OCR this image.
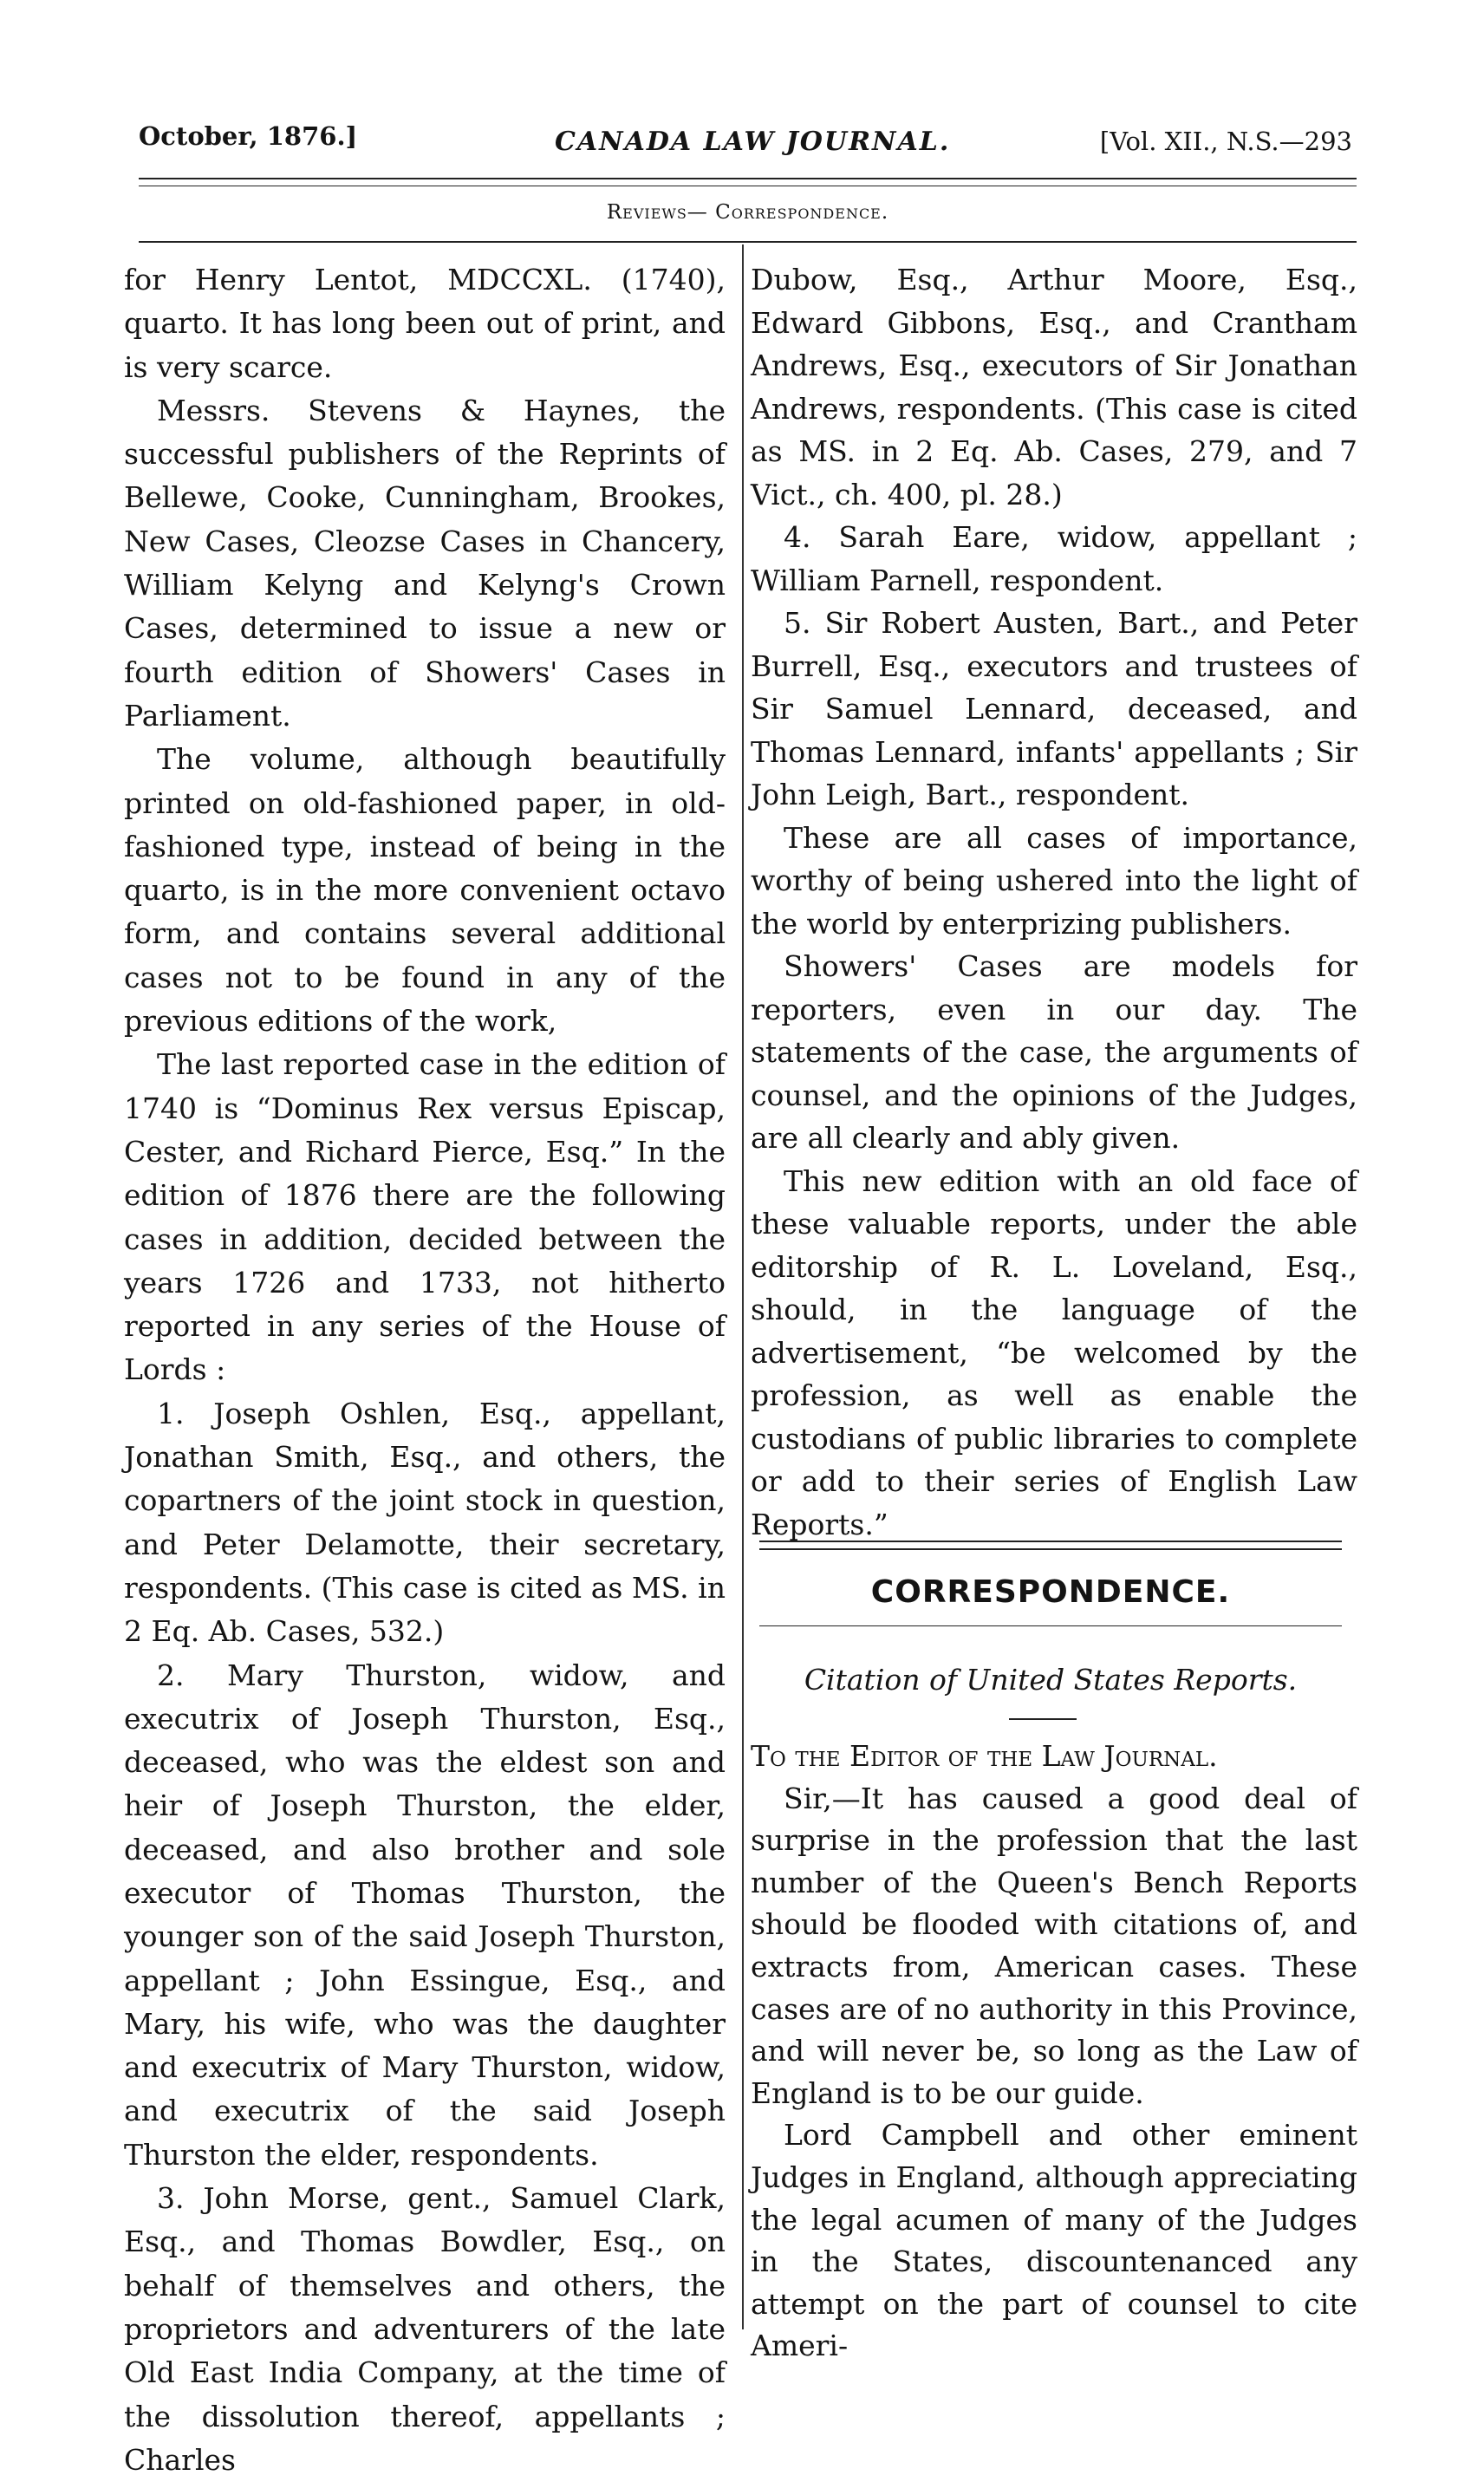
October, 1876.]	CANADA LAW JOURNAL.	[Vol. XII., N.S.—293
Reviews— Correspondence.

for Henry Lentot, MDCCXL. (1740), quarto. It has long been out of print, and is very scarce.

Messrs. Stevens & Haynes, the successful publishers of the Reprints of Bellewe, Cooke, Cunningham, Brookes, New Cases, Cleozse Cases in Chancery, William Kelyng and Kelyng's Crown Cases, determined to issue a new or fourth edition of Showers' Cases in Parliament.

The volume, although beautifully printed on old-fashioned paper, in old-fashioned type, instead of being in the quarto, is in the more convenient octavo form, and contains several additional cases not to be found in any of the previous editions of the work,

The last reported case in the edition of 1740 is “Dominus Rex versus Episcap, Cester, and Richard Pierce, Esq.” In the edition of 1876 there are the following cases in addition, decided between the years 1726 and 1733, not hitherto reported in any series of the House of Lords :

1. Joseph Oshlen, Esq., appellant, Jonathan Smith, Esq., and others, the copartners of the joint stock in question, and Peter Delamotte, their secretary, respondents. (This case is cited as MS. in 2 Eq. Ab. Cases, 532.)

2. Mary Thurston, widow, and executrix of Joseph Thurston, Esq., deceased, who was the eldest son and heir of Joseph Thurston, the elder, deceased, and also brother and sole executor of Thomas Thurston, the younger son of the said Joseph Thurston, appellant ; John Essingue, Esq., and Mary, his wife, who was the daughter and executrix of Mary Thurston, widow, and executrix of the said Joseph Thurston the elder, respondents.

3. John Morse, gent., Samuel Clark, Esq., and Thomas Bowdler, Esq., on behalf of themselves and others, the proprietors and adventurers of the late Old East India Company, at the time of the dissolution thereof, appellants ; Charles

Dubow, Esq., Arthur Moore, Esq., Edward Gibbons, Esq., and Crantham Andrews, Esq., executors of Sir Jonathan Andrews, respondents. (This case is cited as MS. in 2 Eq. Ab. Cases, 279, and 7 Vict., ch. 400, pl. 28.)

4. Sarah Eare, widow, appellant ; William Parnell, respondent.

5. Sir Robert Austen, Bart., and Peter Burrell, Esq., executors and trustees of Sir Samuel Lennard, deceased, and Thomas Lennard, infants' appellants ; Sir John Leigh, Bart., respondent.

These are all cases of importance, worthy of being ushered into the light of the world by enterprizing publishers.

Showers' Cases are models for reporters, even in our day. The statements of the case, the arguments of counsel, and the opinions of the Judges, are all clearly and ably given.

This new edition with an old face of these valuable reports, under the able editorship of R. L. Loveland, Esq., should, in the language of the advertisement, “be welcomed by the profession, as well as enable the custodians of public libraries to complete or add to their series of English Law Reports.”

CORRESPONDENCE.
Citation of United States Reports.

To the Editor of the Law Journal.

Sir,—It has caused a good deal of surprise in the profession that the last number of the Queen's Bench Reports should be flooded with citations of, and extracts from, American cases. These cases are of no authority in this Province, and will never be, so long as the Law of England is to be our guide.

Lord Campbell and other eminent Judges in England, although appreciating the legal acumen of many of the Judges in the States, discountenanced any attempt on the part of counsel to cite Ameri-
